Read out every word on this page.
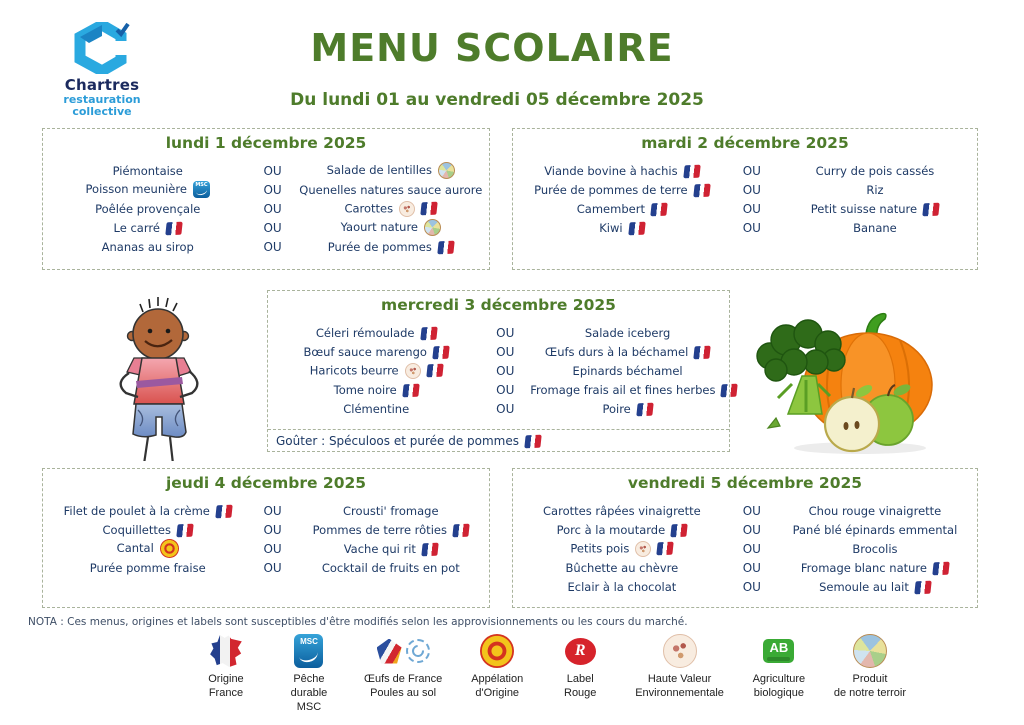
Chartres
restauration
collective
MENU SCOLAIRE
Du lundi 01 au vendredi 05 décembre 2025
lundi 1 décembre 2025
Piémontaise	OU	Salade de lentilles
Poisson meunière MSC	OU	Quenelles natures sauce aurore
Poêlée provençale	OU	Carottes
Le carré	OU	Yaourt nature
Ananas au sirop	OU	Purée de pommes
mardi 2 décembre 2025
Viande bovine à hachis	OU	Curry de pois cassés
Purée de pommes de terre	OU	Riz
Camembert	OU	Petit suisse nature
Kiwi	OU	Banane
mercredi 3 décembre 2025
Céleri rémoulade	OU	Salade iceberg
Bœuf sauce marengo	OU	Œufs durs à la béchamel
Haricots beurre	OU	Epinards béchamel
Tome noire	OU	Fromage frais ail et fines herbes
Clémentine	OU	Poire
Goûter : Spéculoos et purée de pommes
jeudi 4 décembre 2025
Filet de poulet à la crème	OU	Crousti' fromage
Coquillettes	OU	Pommes de terre rôties
Cantal	OU	Vache qui rit
Purée pomme fraise	OU	Cocktail de fruits en pot
vendredi 5 décembre 2025
Carottes râpées vinaigrette	OU	Chou rouge vinaigrette
Porc à la moutarde	OU	Pané blé épinards emmental
Petits pois	OU	Brocolis
Bûchette au chèvre	OU	Fromage blanc nature
Eclair à la chocolat	OU	Semoule au lait
NOTA : Ces menus, origines et labels sont susceptibles d'être modifiés selon les approvisionnements ou les cours du marché.
Origine
France
MSC
Pêche
durable
MSC
Œufs de France
Poules au sol
Appélation
d'Origine
R
Label
Rouge
Haute Valeur
Environnementale
AB
Agriculture
biologique
Produit
de notre terroir
